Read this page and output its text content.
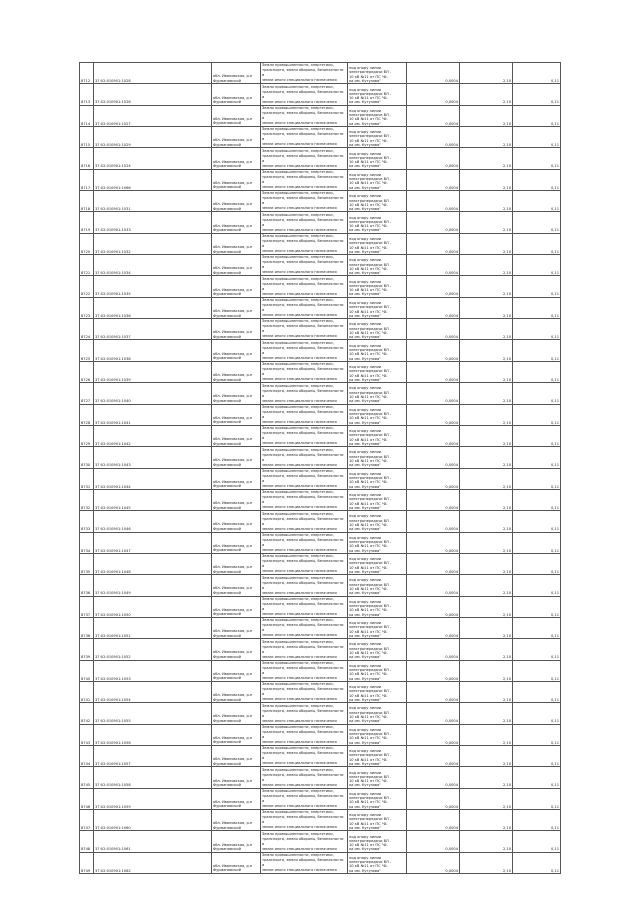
8712	37:02:010901:1028	обл. Ивановская, р-н
Фурмановский	Земли промышленности, энергетики,
транспорта, земли обороны, безопасности и
земли иного специального назначения	под опору линии
электропередачи ВЛ -
10 кВ №11 от ПС "Ф-
ка им. Кутузова"	0,0004	2,10	0,11

8713	37:02:010901:1026	обл. Ивановская, р-н
Фурмановский	Земли промышленности, энергетики,
транспорта, земли обороны, безопасности и
земли иного специального назначения	под опору линии
электропередачи ВЛ -
10 кВ №11 от ПС "Ф-
ка им. Кутузова"	0,0004	2,10	0,11

8714	37:02:010901:1027	обл. Ивановская, р-н
Фурмановский	Земли промышленности, энергетики,
транспорта, земли обороны, безопасности и
земли иного специального назначения	под опору линии
электропередачи ВЛ -
10 кВ №11 от ПС "Ф-
ка им. Кутузова"	0,0004	2,10	0,11

8715	37:02:010901:1029	обл. Ивановская, р-н
Фурмановский	Земли промышленности, энергетики,
транспорта, земли обороны, безопасности и
земли иного специального назначения	под опору линии
электропередачи ВЛ -
10 кВ №11 от ПС "Ф-
ка им. Кутузова"	0,0004	2,10	0,11

8716	37:02:010901:1024	обл. Ивановская, р-н
Фурмановский	Земли промышленности, энергетики,
транспорта, земли обороны, безопасности и
земли иного специального назначения	под опору линии
электропередачи ВЛ -
10 кВ №11 от ПС "Ф-
ка им. Кутузова"	0,0004	2,10	0,11

8717	37:02:010901:1066	обл. Ивановская, р-н
Фурмановский	Земли промышленности, энергетики,
транспорта, земли обороны, безопасности и
земли иного специального назначения	под опору линии
электропередачи ВЛ -
10 кВ №11 от ПС "Ф-
ка им. Кутузова"	0,0004	2,10	0,11

8718	37:02:010901:1031	обл. Ивановская, р-н
Фурмановский	Земли промышленности, энергетики,
транспорта, земли обороны, безопасности и
земли иного специального назначения	под опору линии
электропередачи ВЛ -
10 кВ №11 от ПС "Ф-
ка им. Кутузова"	0,0004	2,10	0,11

8719	37:02:010901:1033	обл. Ивановская, р-н
Фурмановский	Земли промышленности, энергетики,
транспорта, земли обороны, безопасности и
земли иного специального назначения	под опору линии
электропередачи ВЛ -
10 кВ №11 от ПС "Ф-
ка им. Кутузова"	0,0004	2,10	0,11

8720	37:02:010901:1032	обл. Ивановская, р-н
Фурмановский	Земли промышленности, энергетики,
транспорта, земли обороны, безопасности и
земли иного специального назначения	под опору линии
электропередачи ВЛ -
10 кВ №11 от ПС "Ф-
ка им. Кутузова"	0,0004	2,10	0,11

8721	37:02:010901:1034	обл. Ивановская, р-н
Фурмановский	Земли промышленности, энергетики,
транспорта, земли обороны, безопасности и
земли иного специального назначения	под опору линии
электропередачи ВЛ -
10 кВ №11 от ПС "Ф-
ка им. Кутузова"	0,0004	2,10	0,11

8722	37:02:010901:1035	обл. Ивановская, р-н
Фурмановский	Земли промышленности, энергетики,
транспорта, земли обороны, безопасности и
земли иного специального назначения	под опору линии
электропередачи ВЛ -
10 кВ №11 от ПС "Ф-
ка им. Кутузова"	0,0004	2,10	0,11

8723	37:02:010901:1036	обл. Ивановская, р-н
Фурмановский	Земли промышленности, энергетики,
транспорта, земли обороны, безопасности и
земли иного специального назначения	под опору линии
электропередачи ВЛ -
10 кВ №11 от ПС "Ф-
ка им. Кутузова"	0,0004	2,10	0,11

8724	37:02:010901:1037	обл. Ивановская, р-н
Фурмановский	Земли промышленности, энергетики,
транспорта, земли обороны, безопасности и
земли иного специального назначения	под опору линии
электропередачи ВЛ -
10 кВ №11 от ПС "Ф-
ка им. Кутузова"	0,0004	2,10	0,11

8725	37:02:010901:1038	обл. Ивановская, р-н
Фурмановский	Земли промышленности, энергетики,
транспорта, земли обороны, безопасности и
земли иного специального назначения	под опору линии
электропередачи ВЛ -
10 кВ №11 от ПС "Ф-
ка им. Кутузова"	0,0004	2,10	0,11

8726	37:02:010901:1039	обл. Ивановская, р-н
Фурмановский	Земли промышленности, энергетики,
транспорта, земли обороны, безопасности и
земли иного специального назначения	под опору линии
электропередачи ВЛ -
10 кВ №11 от ПС "Ф-
ка им. Кутузова"	0,0004	2,10	0,11

8727	37:02:010901:1040	обл. Ивановская, р-н
Фурмановский	Земли промышленности, энергетики,
транспорта, земли обороны, безопасности и
земли иного специального назначения	под опору линии
электропередачи ВЛ -
10 кВ №11 от ПС "Ф-
ка им. Кутузова"	0,0004	2,10	0,11

8728	37:02:010901:1041	обл. Ивановская, р-н
Фурмановский	Земли промышленности, энергетики,
транспорта, земли обороны, безопасности и
земли иного специального назначения	под опору линии
электропередачи ВЛ -
10 кВ №11 от ПС "Ф-
ка им. Кутузова"	0,0004	2,10	0,11

8729	37:02:010901:1042	обл. Ивановская, р-н
Фурмановский	Земли промышленности, энергетики,
транспорта, земли обороны, безопасности и
земли иного специального назначения	под опору линии
электропередачи ВЛ -
10 кВ №11 от ПС "Ф-
ка им. Кутузова"	0,0004	2,10	0,11

8730	37:02:010901:1043	обл. Ивановская, р-н
Фурмановский	Земли промышленности, энергетики,
транспорта, земли обороны, безопасности и
земли иного специального назначения	под опору линии
электропередачи ВЛ -
10 кВ №11 от ПС "Ф-
ка им. Кутузова"	0,0004	2,10	0,11

8731	37:02:010901:1044	обл. Ивановская, р-н
Фурмановский	Земли промышленности, энергетики,
транспорта, земли обороны, безопасности и
земли иного специального назначения	под опору линии
электропередачи ВЛ -
10 кВ №11 от ПС "Ф-
ка им. Кутузова"	0,0004	2,10	0,11

8732	37:02:010901:1045	обл. Ивановская, р-н
Фурмановский	Земли промышленности, энергетики,
транспорта, земли обороны, безопасности и
земли иного специального назначения	под опору линии
электропередачи ВЛ -
10 кВ №11 от ПС "Ф-
ка им. Кутузова"	0,0004	2,10	0,11

8733	37:02:010901:1046	обл. Ивановская, р-н
Фурмановский	Земли промышленности, энергетики,
транспорта, земли обороны, безопасности и
земли иного специального назначения	под опору линии
электропередачи ВЛ -
10 кВ №11 от ПС "Ф-
ка им. Кутузова"	0,0004	2,10	0,11

8734	37:02:010901:1047	обл. Ивановская, р-н
Фурмановский	Земли промышленности, энергетики,
транспорта, земли обороны, безопасности и
земли иного специального назначения	под опору линии
электропередачи ВЛ -
10 кВ №11 от ПС "Ф-
ка им. Кутузова"	0,0004	2,10	0,11

8735	37:02:010901:1048	обл. Ивановская, р-н
Фурмановский	Земли промышленности, энергетики,
транспорта, земли обороны, безопасности и
земли иного специального назначения	под опору линии
электропередачи ВЛ -
10 кВ №11 от ПС "Ф-
ка им. Кутузова"	0,0004	2,10	0,11

8736	37:02:010901:1049	обл. Ивановская, р-н
Фурмановский	Земли промышленности, энергетики,
транспорта, земли обороны, безопасности и
земли иного специального назначения	под опору линии
электропередачи ВЛ -
10 кВ №11 от ПС "Ф-
ка им. Кутузова"	0,0004	2,10	0,11

8737	37:02:010901:1050	обл. Ивановская, р-н
Фурмановский	Земли промышленности, энергетики,
транспорта, земли обороны, безопасности и
земли иного специального назначения	под опору линии
электропередачи ВЛ -
10 кВ №11 от ПС "Ф-
ка им. Кутузова"	0,0004	2,10	0,11

8738	37:02:010901:1051	обл. Ивановская, р-н
Фурмановский	Земли промышленности, энергетики,
транспорта, земли обороны, безопасности и
земли иного специального назначения	под опору линии
электропередачи ВЛ -
10 кВ №11 от ПС "Ф-
ка им. Кутузова"	0,0004	2,10	0,11

8739	37:02:010901:1052	обл. Ивановская, р-н
Фурмановский	Земли промышленности, энергетики,
транспорта, земли обороны, безопасности и
земли иного специального назначения	под опору линии
электропередачи ВЛ -
10 кВ №11 от ПС "Ф-
ка им. Кутузова"	0,0004	2,10	0,11

8740	37:02:010901:1053	обл. Ивановская, р-н
Фурмановский	Земли промышленности, энергетики,
транспорта, земли обороны, безопасности и
земли иного специального назначения	под опору линии
электропередачи ВЛ -
10 кВ №11 от ПС "Ф-
ка им. Кутузова"	0,0004	2,10	0,11

8741	37:02:010901:1054	обл. Ивановская, р-н
Фурмановский	Земли промышленности, энергетики,
транспорта, земли обороны, безопасности и
земли иного специального назначения	под опору линии
электропередачи ВЛ -
10 кВ №11 от ПС "Ф-
ка им. Кутузова"	0,0004	2,10	0,11

8742	37:02:010901:1055	обл. Ивановская, р-н
Фурмановский	Земли промышленности, энергетики,
транспорта, земли обороны, безопасности и
земли иного специального назначения	под опору линии
электропередачи ВЛ -
10 кВ №11 от ПС "Ф-
ка им. Кутузова"	0,0004	2,10	0,11

8743	37:02:010901:1056	обл. Ивановская, р-н
Фурмановский	Земли промышленности, энергетики,
транспорта, земли обороны, безопасности и
земли иного специального назначения	под опору линии
электропередачи ВЛ -
10 кВ №11 от ПС "Ф-
ка им. Кутузова"	0,0004	2,10	0,11

8744	37:02:010901:1057	обл. Ивановская, р-н
Фурмановский	Земли промышленности, энергетики,
транспорта, земли обороны, безопасности и
земли иного специального назначения	под опору линии
электропередачи ВЛ -
10 кВ №11 от ПС "Ф-
ка им. Кутузова"	0,0004	2,10	0,11

8745	37:02:010901:1058	обл. Ивановская, р-н
Фурмановский	Земли промышленности, энергетики,
транспорта, земли обороны, безопасности и
земли иного специального назначения	под опору линии
электропередачи ВЛ -
10 кВ №11 от ПС "Ф-
ка им. Кутузова"	0,0004	2,10	0,11

8746	37:02:010901:1059	обл. Ивановская, р-н
Фурмановский	Земли промышленности, энергетики,
транспорта, земли обороны, безопасности и
земли иного специального назначения	под опору линии
электропередачи ВЛ -
10 кВ №11 от ПС "Ф-
ка им. Кутузова"	0,0004	2,10	0,11

8747	37:02:010901:1060	обл. Ивановская, р-н
Фурмановский	Земли промышленности, энергетики,
транспорта, земли обороны, безопасности и
земли иного специального назначения	под опору линии
электропередачи ВЛ -
10 кВ №11 от ПС "Ф-
ка им. Кутузова"	0,0004	2,10	0,11

8748	37:02:010901:1061	обл. Ивановская, р-н
Фурмановский	Земли промышленности, энергетики,
транспорта, земли обороны, безопасности и
земли иного специального назначения	под опору линии
электропередачи ВЛ -
10 кВ №11 от ПС "Ф-
ка им. Кутузова"	0,0004	2,10	0,11

8749	37:02:010901:1062	обл. Ивановская, р-н
Фурмановский	Земли промышленности, энергетики,
транспорта, земли обороны, безопасности и
земли иного специального назначения	под опору линии
электропередачи ВЛ -
10 кВ №11 от ПС "Ф-
ка им. Кутузова"	0,0004	2,10	0,11
